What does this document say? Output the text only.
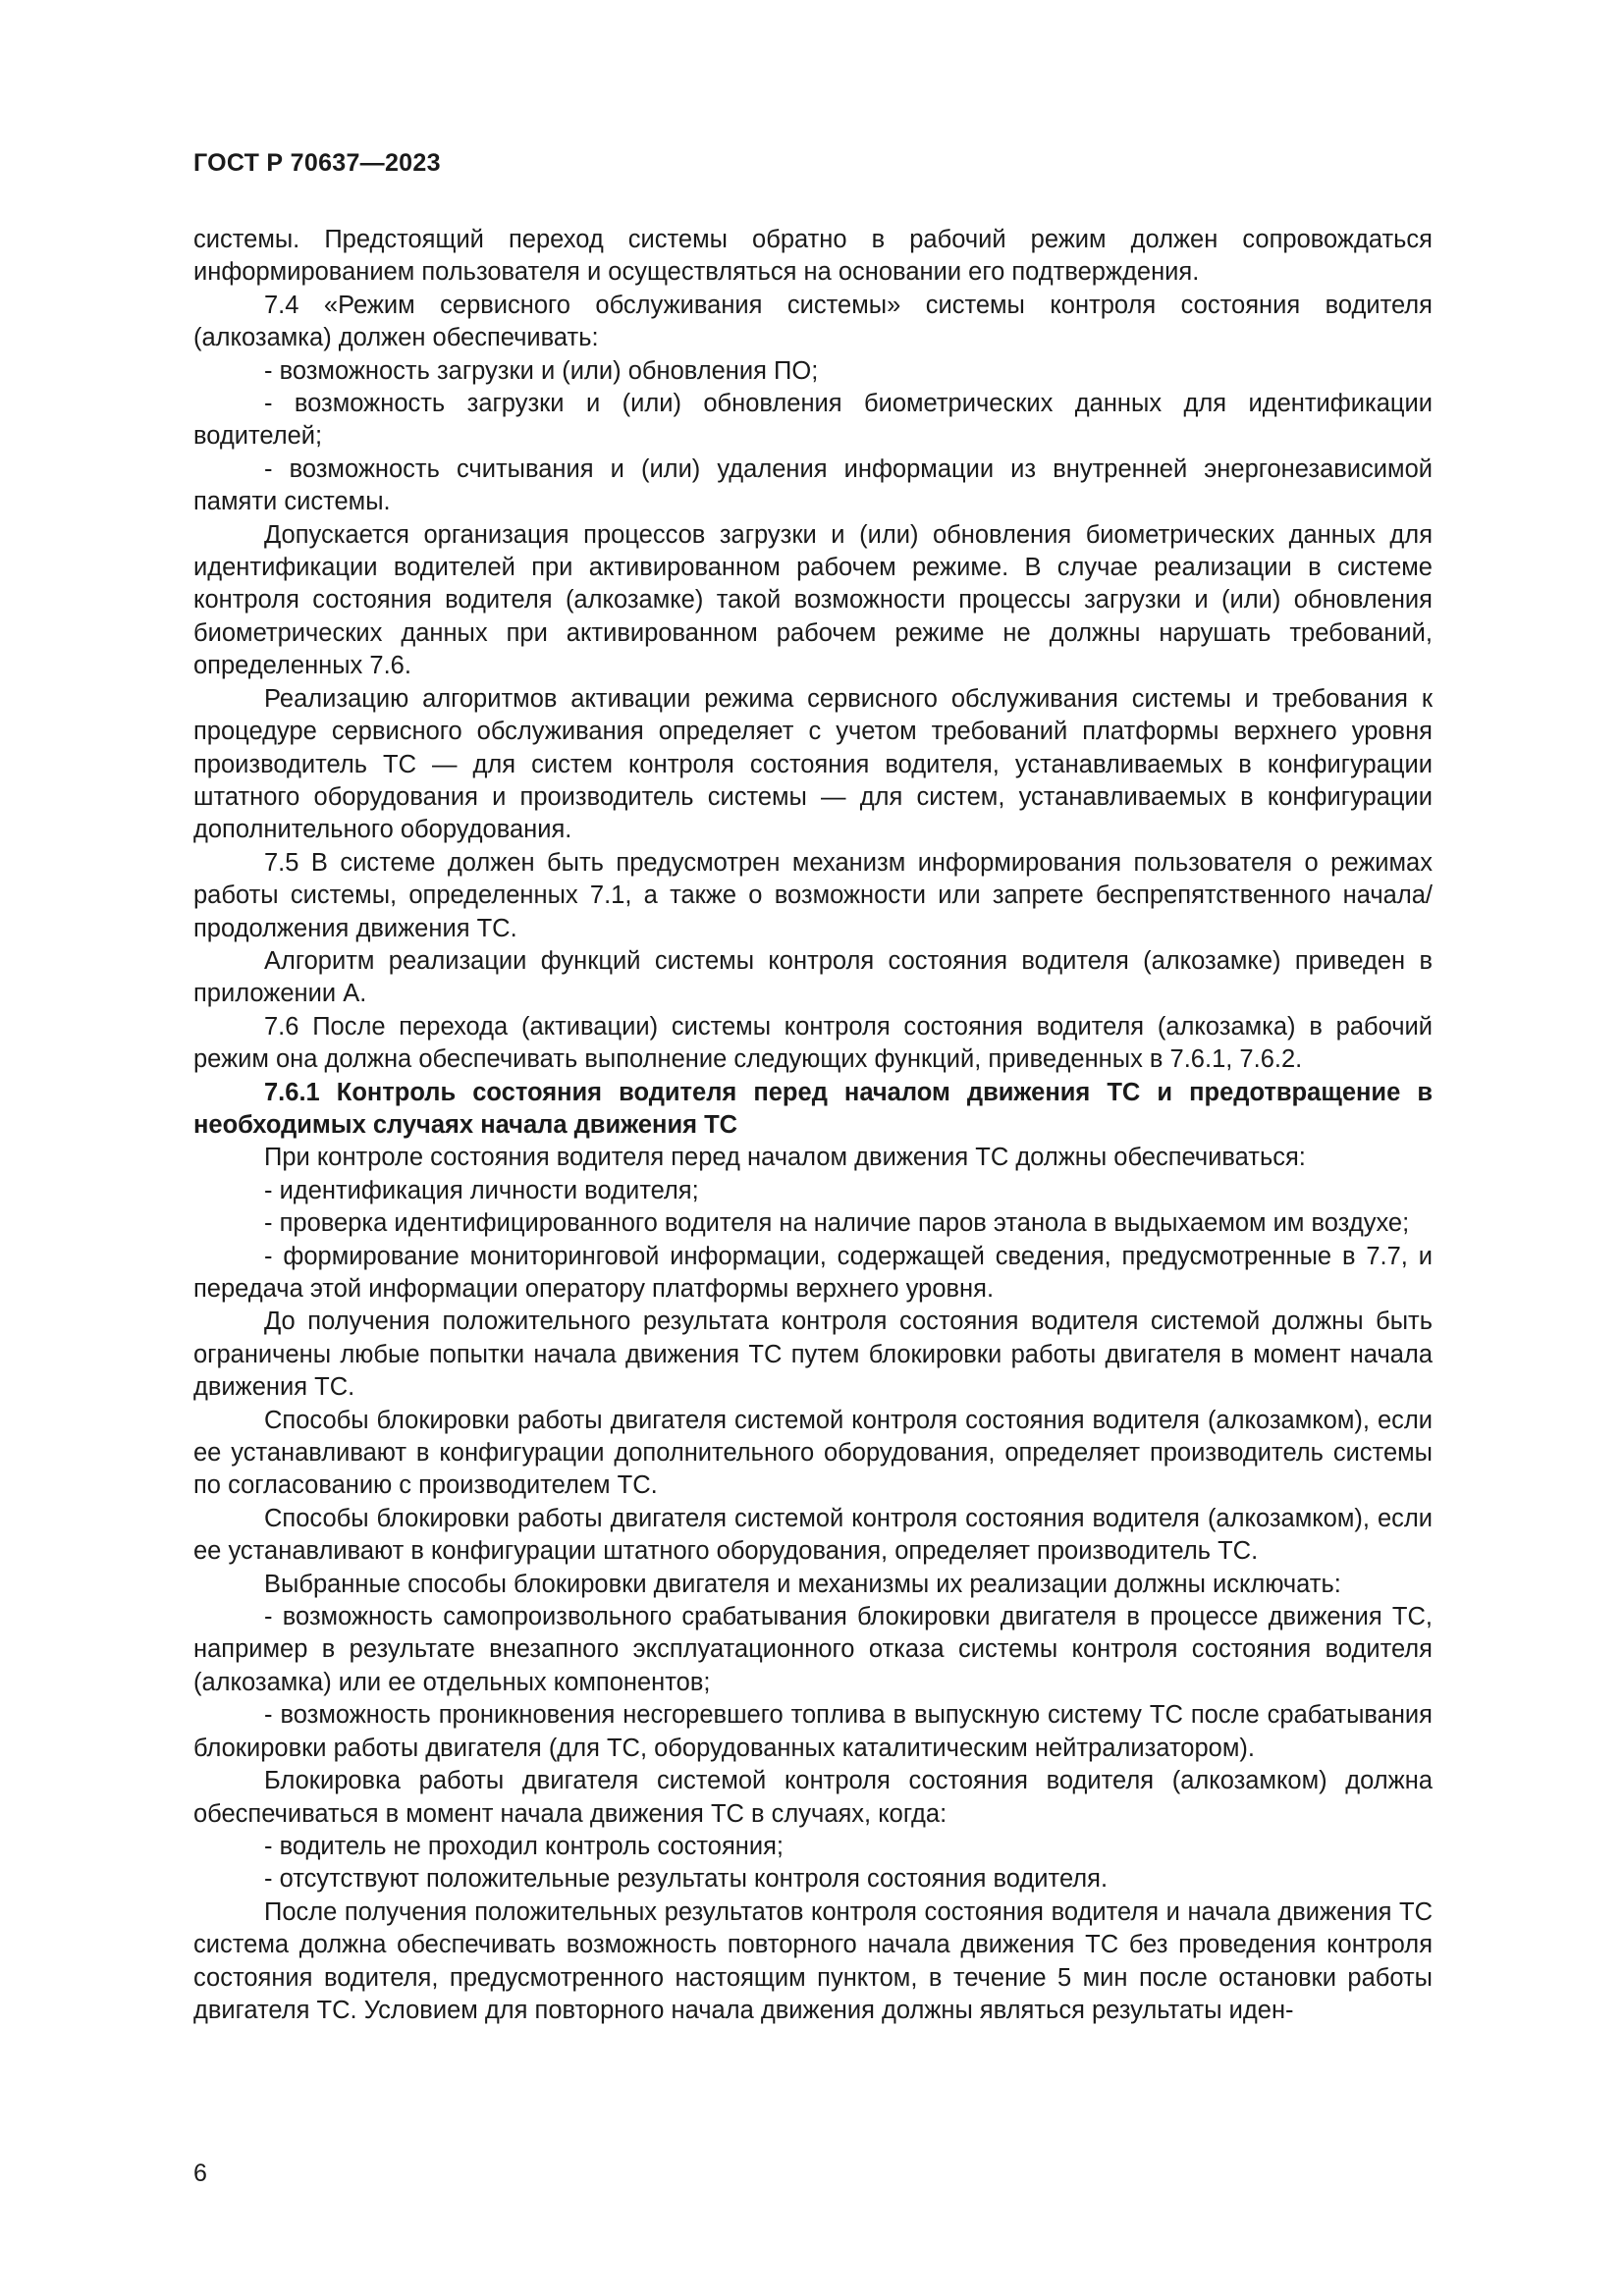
ГОСТ Р 70637—2023

системы. Предстоящий переход системы обратно в рабочий режим должен сопровождаться информированием пользователя и осуществляться на основании его подтверждения.

7.4 «Режим сервисного обслуживания системы» системы контроля состояния водителя (алкозамка) должен обеспечивать:

- возможность загрузки и (или) обновления ПО;

- возможность загрузки и (или) обновления биометрических данных для идентификации водителей;

- возможность считывания и (или) удаления информации из внутренней энергонезависимой памяти системы.

Допускается организация процессов загрузки и (или) обновления биометрических данных для идентификации водителей при активированном рабочем режиме. В случае реализации в системе контроля состояния водителя (алкозамке) такой возможности процессы загрузки и (или) обновления биометрических данных при активированном рабочем режиме не должны нарушать требований, определенных 7.6.

Реализацию алгоритмов активации режима сервисного обслуживания системы и требования к процедуре сервисного обслуживания определяет с учетом требований платформы верхнего уровня производитель ТС — для систем контроля состояния водителя, устанавливаемых в конфигурации штатного оборудования и производитель системы — для систем, устанавливаемых в конфигурации дополнительного оборудования.

7.5 В системе должен быть предусмотрен механизм информирования пользователя о режимах работы системы, определенных 7.1, а также о возможности или запрете беспрепятственного начала/продолжения движения ТС.

Алгоритм реализации функций системы контроля состояния водителя (алкозамке) приведен в приложении А.

7.6 После перехода (активации) системы контроля состояния водителя (алкозамка) в рабочий режим она должна обеспечивать выполнение следующих функций, приведенных в 7.6.1, 7.6.2.

7.6.1 Контроль состояния водителя перед началом движения ТС и предотвращение в необходимых случаях начала движения ТС

При контроле состояния водителя перед началом движения ТС должны обеспечиваться:

- идентификация личности водителя;

- проверка идентифицированного водителя на наличие паров этанола в выдыхаемом им воздухе;

- формирование мониторинговой информации, содержащей сведения, предусмотренные в 7.7, и передача этой информации оператору платформы верхнего уровня.

До получения положительного результата контроля состояния водителя системой должны быть ограничены любые попытки начала движения ТС путем блокировки работы двигателя в момент начала движения ТС.

Способы блокировки работы двигателя системой контроля состояния водителя (алкозамком), если ее устанавливают в конфигурации дополнительного оборудования, определяет производитель системы по согласованию с производителем ТС.

Способы блокировки работы двигателя системой контроля состояния водителя (алкозамком), если ее устанавливают в конфигурации штатного оборудования, определяет производитель ТС.

Выбранные способы блокировки двигателя и механизмы их реализации должны исключать:

- возможность самопроизвольного срабатывания блокировки двигателя в процессе движения ТС, например в результате внезапного эксплуатационного отказа системы контроля состояния водителя (алкозамка) или ее отдельных компонентов;

- возможность проникновения несгоревшего топлива в выпускную систему ТС после срабатывания блокировки работы двигателя (для ТС, оборудованных каталитическим нейтрализатором).

Блокировка работы двигателя системой контроля состояния водителя (алкозамком) должна обеспечиваться в момент начала движения ТС в случаях, когда:

- водитель не проходил контроль состояния;

- отсутствуют положительные результаты контроля состояния водителя.

После получения положительных результатов контроля состояния водителя и начала движения ТС система должна обеспечивать возможность повторного начала движения ТС без проведения контроля состояния водителя, предусмотренного настоящим пунктом, в течение 5 мин после остановки работы двигателя ТС. Условием для повторного начала движения должны являться результаты иден-

6
